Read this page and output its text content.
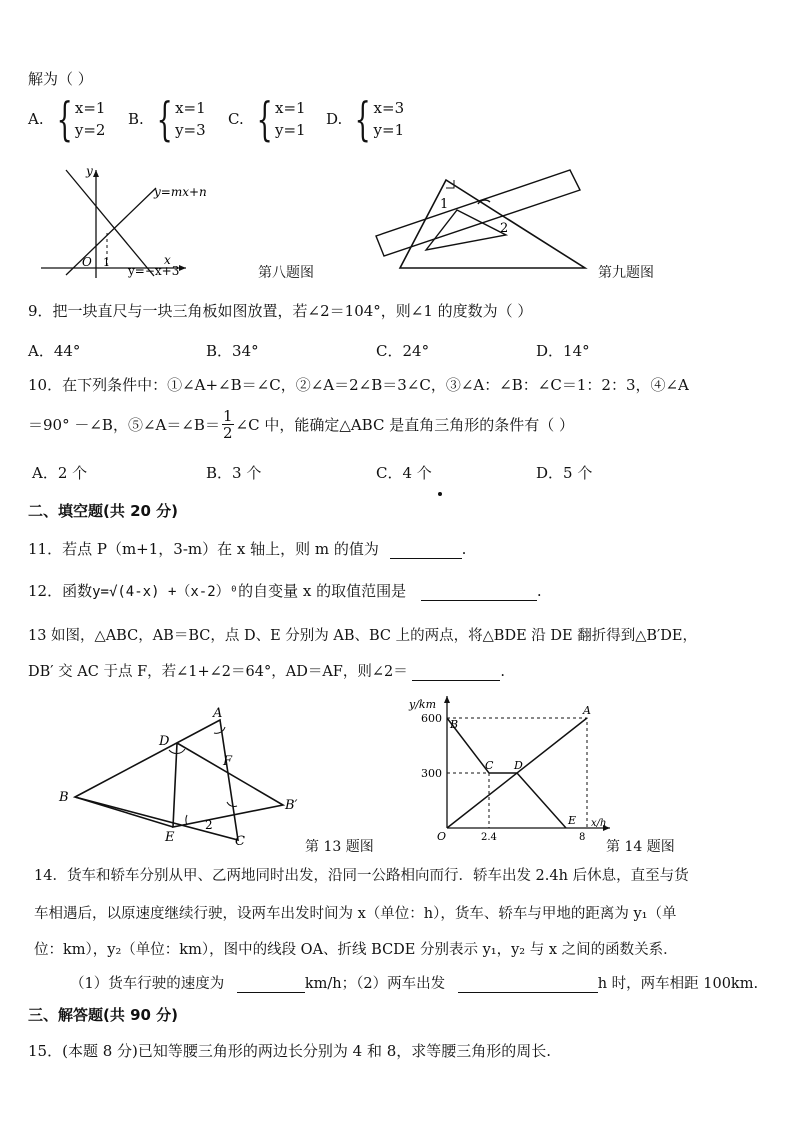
解为（ ）
A. { x=1
y=2
B. { x=1
y=3
C. { x=1
y=1
D. { x=3
y=1
y
x
O 1
y=mx+n
y=−x+3	第八题图
1
2
第九题图
9．把一块直尺与一块三角板如图放置，若∠2＝104°，则∠1 的度数为（ ）
A．44°	B．34°	C．24°	D．14°
10．在下列条件中：①∠A+∠B＝∠C，②∠A＝2∠B＝3∠C，③∠A：∠B：∠C＝1：2：3，④∠A
＝90° －∠B，⑤∠A＝∠B＝ $\frac{1}{2}$ ∠C 中，能确定△ABC 是直角三角形的条件有（ ）
A．2 个	B．3 个	C．4 个	D．5 个
二、填空题(共 20 分)
11．若点 P（m+1，3-m）在 x 轴上，则 m 的值为	.
12．函数y=√(4-x) +（x-2）⁰的自变量 x 的取值范围是	.
13 如图，△ABC，AB＝BC，点 D、E 分别为 AB、BC 上的两点，将△BDE 沿 DE 翻折得到△B′DE，
DB′ 交 AC 于点 F，若∠1+∠2＝64°，AD＝AF，则∠2＝	.
A
B
C
D
E
F
B′
2
第 13 题图
600
300
2.4	8
A
B
C D
E
y/km
x/h
O
第 14 题图
14．货车和轿车分别从甲、乙两地同时出发，沿同一公路相向而行．轿车出发 2.4h 后休息，直至与货
车相遇后，以原速度继续行驶，设两车出发时间为 x（单位：h），货车、轿车与甲地的距离为 y₁（单
位：km），y₂（单位：km），图中的线段 OA、折线 BCDE 分别表示 y₁，y₂ 与 x 之间的函数关系．
（1）货车行驶的速度为	km/h；（2）两车出发	h 时，两车相距 100km.
三、解答题(共 90 分)
15．(本题 8 分)已知等腰三角形的两边长分别为 4 和 8，求等腰三角形的周长.
